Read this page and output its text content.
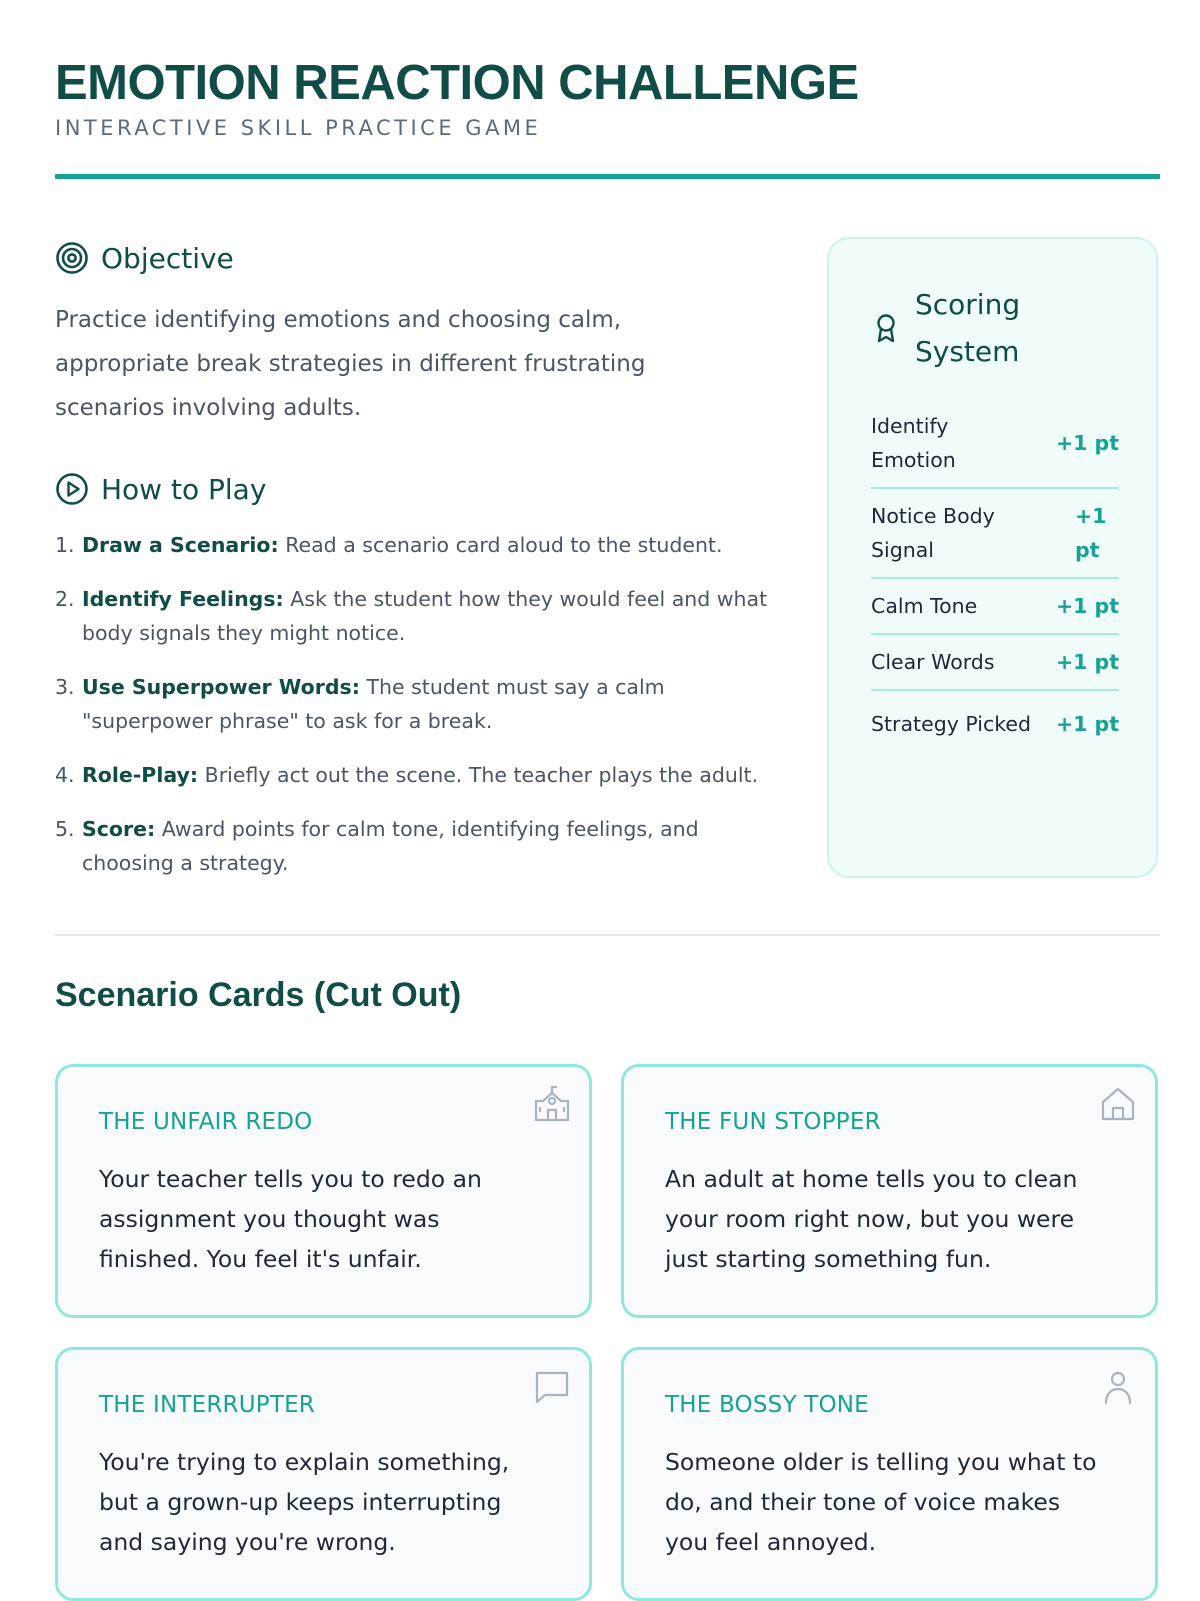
EMOTION REACTION CHALLENGE
INTERACTIVE SKILL PRACTICE GAME
Objective

Practice identifying emotions and choosing calm, appropriate break strategies in different frustrating scenarios involving adults.

How to Play
1. Draw a Scenario: Read a scenario card aloud to the student.
2. Identify Feelings: Ask the student how they would feel and what body signals they might notice.
3. Use Superpower Words: The student must say a calm "superpower phrase" to ask for a break.
4. Role-Play: Briefly act out the scene. The teacher plays the adult.
5. Score: Award points for calm tone, identifying feelings, and choosing a strategy.
Scoring System
Identify Emotion
+1 pt
Notice Body Signal
+1 pt
Calm Tone	+1 pt
Clear Words	+1 pt
Strategy Picked +1 pt
Scenario Cards (Cut Out)
THE UNFAIR REDO

Your teacher tells you to redo an assignment you thought was finished. You feel it's unfair.

THE FUN STOPPER

An adult at home tells you to clean your room right now, but you were just starting something fun.

THE INTERRUPTER

You're trying to explain something, but a grown-up keeps interrupting and saying you're wrong.

THE BOSSY TONE

Someone older is telling you what to do, and their tone of voice makes you feel annoyed.
